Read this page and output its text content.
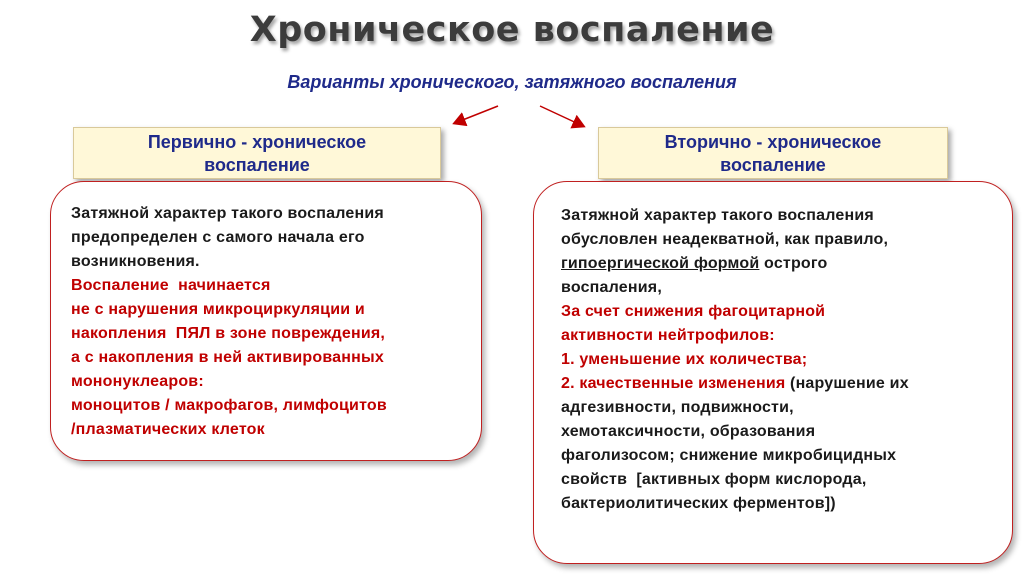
Хроническое воспаление
Варианты хронического, затяжного воспаления
Первично - хроническое
воспаление
Вторично - хроническое
воспаление

Затяжной характер такого воспаления

предопределен с самого начала его

возникновения.

Воспаление  начинается

не с нарушения микроциркуляции и

накопления  ПЯЛ в зоне повреждения,

а с накопления в ней активированных

мононуклеаров:

моноцитов / макрофагов, лимфоцитов

/плазматических клеток

Затяжной характер такого воспаления

обусловлен неадекватной, как правило,

гипоергической формой острого

воспаления,

За счет снижения фагоцитарной

активности нейтрофилов:

1. уменьшение их количества;

2. качественные изменения (нарушение их

адгезивности, подвижности,

хемотаксичности, образования

фаголизосом; снижение микробицидных

свойств  [активных форм кислорода,

бактериолитических ферментов])
